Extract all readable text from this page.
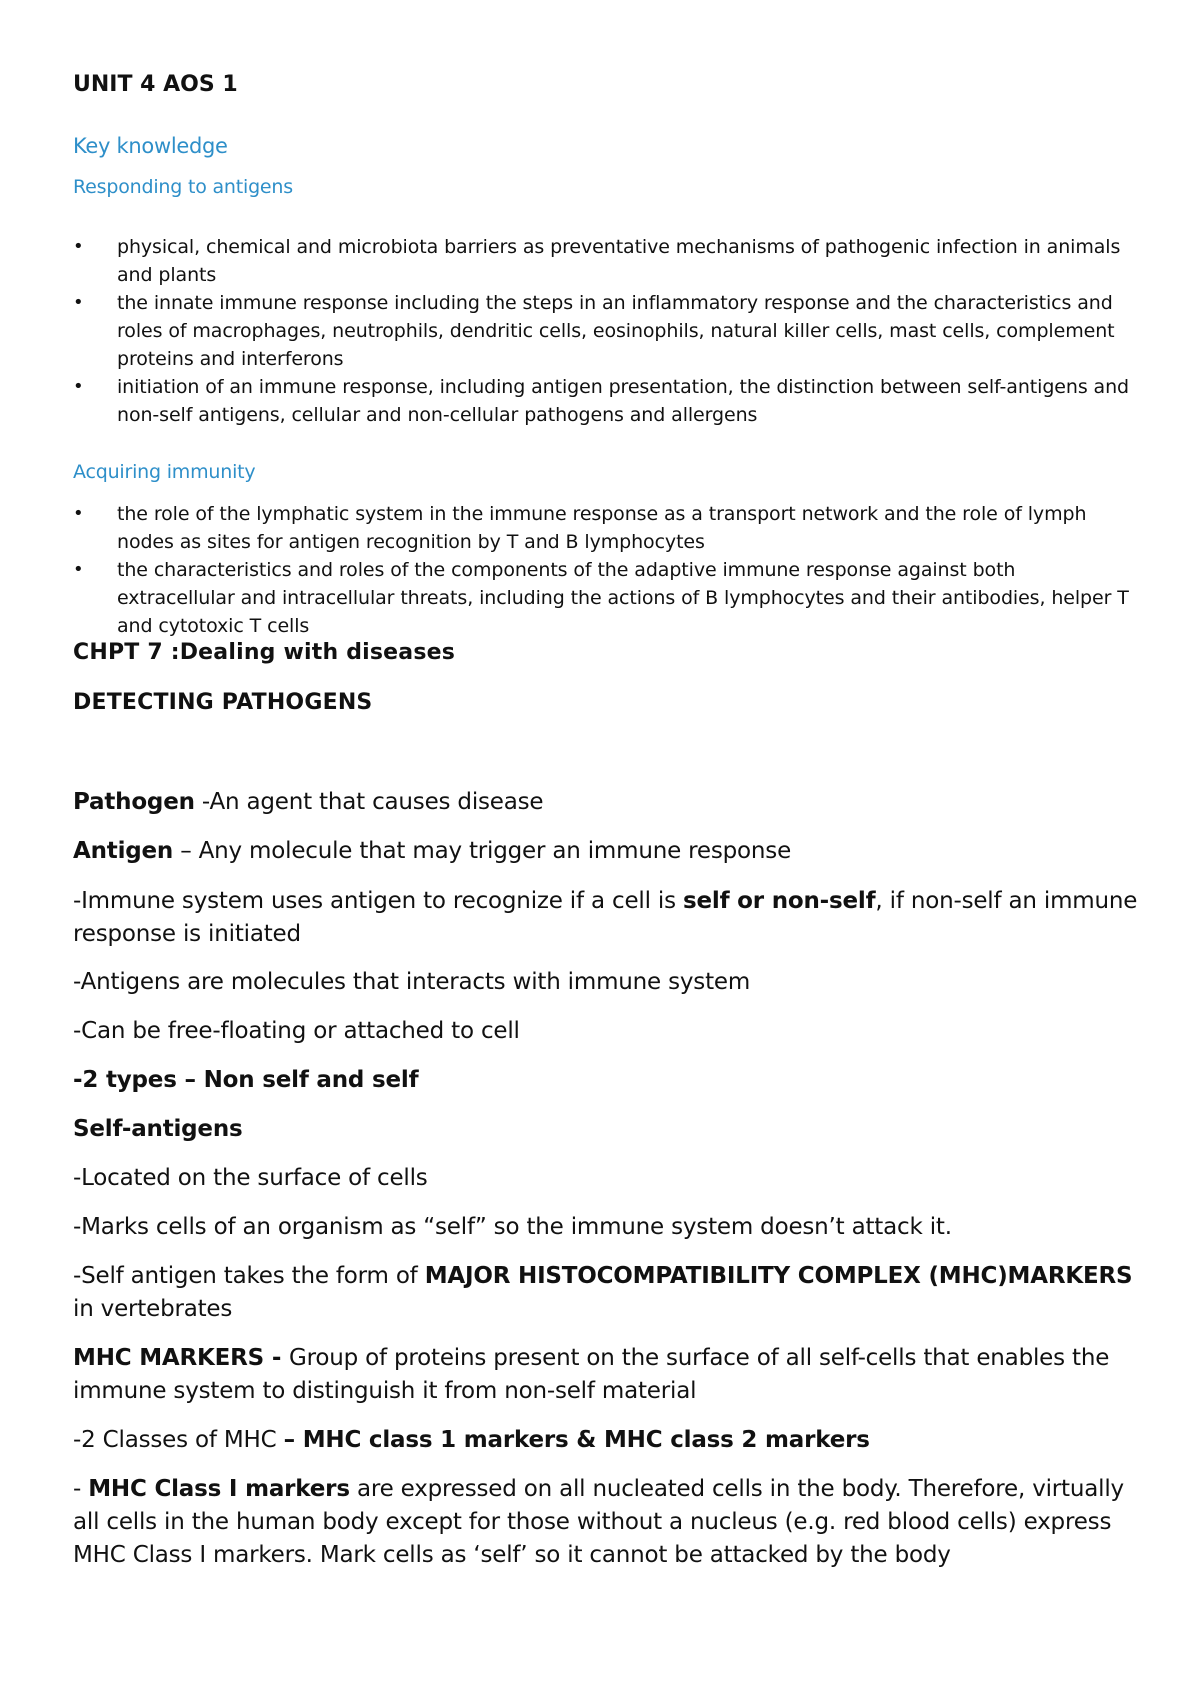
UNIT 4 AOS 1

Key knowledge

Responding to antigens

• physical, chemical and microbiota barriers as preventative mechanisms of pathogenic infection in animals and plants
• the innate immune response including the steps in an inflammatory response and the characteristics and roles of macrophages, neutrophils, dendritic cells, eosinophils, natural killer cells, mast cells, complement proteins and interferons
• initiation of an immune response, including antigen presentation, the distinction between self-antigens and non-self antigens, cellular and non-cellular pathogens and allergens

Acquiring immunity

• the role of the lymphatic system in the immune response as a transport network and the role of lymph nodes as sites for antigen recognition by T and B lymphocytes
• the characteristics and roles of the components of the adaptive immune response against both extracellular and intracellular threats, including the actions of B lymphocytes and their antibodies, helper T and cytotoxic T cells
CHPT 7 :Dealing with diseases
DETECTING PATHOGENS

Pathogen -An agent that causes disease

Antigen – Any molecule that may trigger an immune response

-Immune system uses antigen to recognize if a cell is self or non-self, if non-self an immune response is initiated

-Antigens are molecules that interacts with immune system

-Can be free-floating or attached to cell

-2 types – Non self and self

Self-antigens

-Located on the surface of cells

-Marks cells of an organism as “self” so the immune system doesn’t attack it.

-Self antigen takes the form of MAJOR HISTOCOMPATIBILITY COMPLEX (MHC)MARKERS in vertebrates

MHC MARKERS - Group of proteins present on the surface of all self-cells that enables the immune system to distinguish it from non-self material

-2 Classes of MHC – MHC class 1 markers & MHC class 2 markers

- MHC Class I markers are expressed on all nucleated cells in the body. Therefore, virtually all cells in the human body except for those without a nucleus (e.g. red blood cells) express MHC Class I markers. Mark cells as ‘self’ so it cannot be attacked by the body
